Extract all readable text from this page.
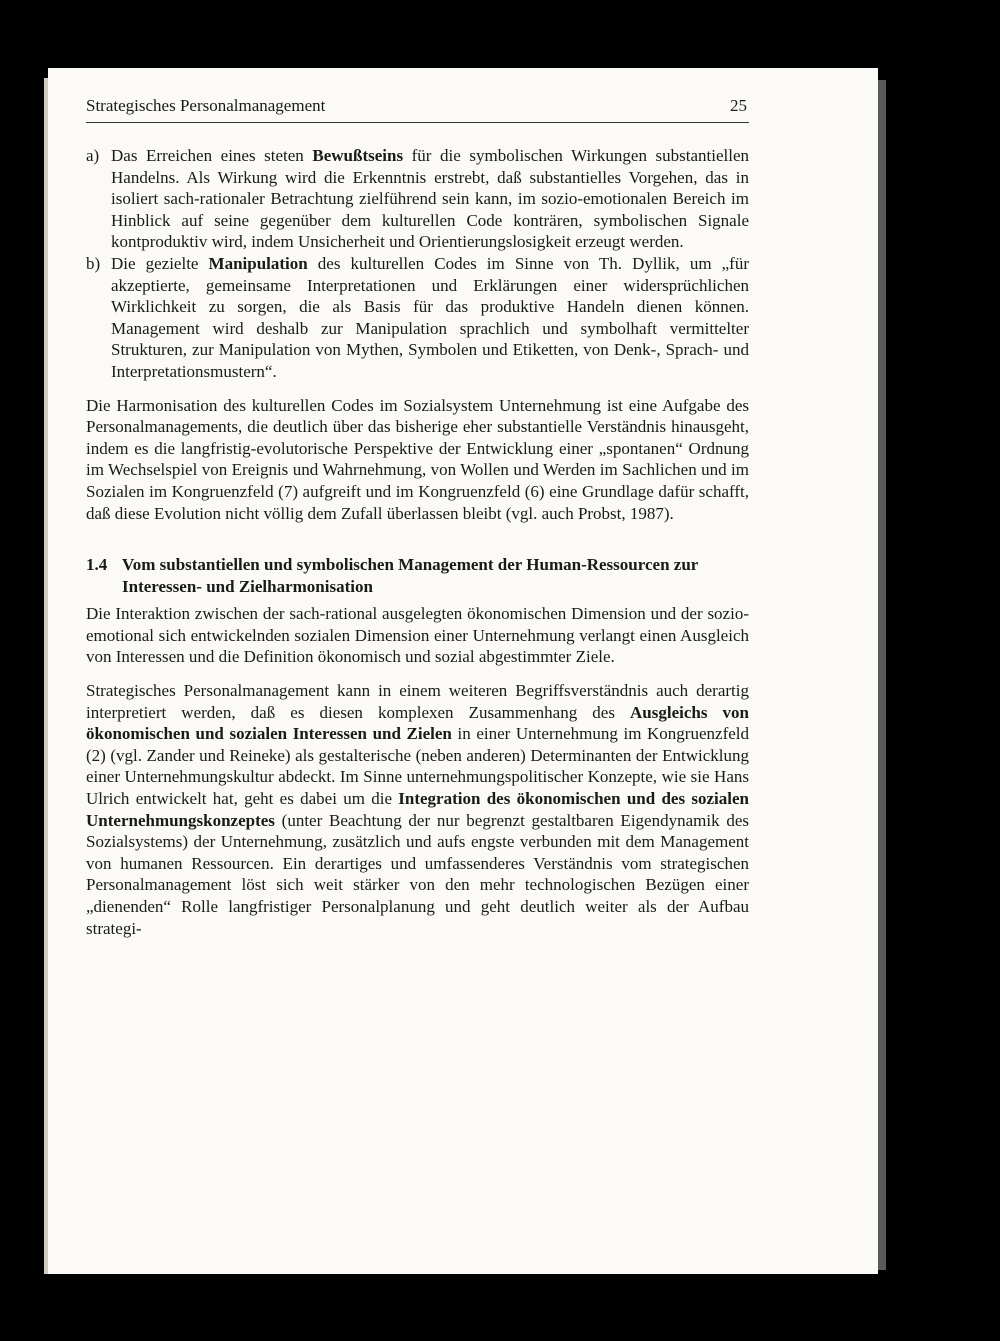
Strategisches Personalmanagement	25
a) Das Erreichen eines steten Bewußtseins für die symbolischen Wirkungen substantiellen Handelns. Als Wirkung wird die Erkenntnis erstrebt, daß substantielles Vorgehen, das in isoliert sach-rationaler Betrachtung zielführend sein kann, im sozio-emotionalen Bereich im Hinblick auf seine gegenüber dem kulturellen Code konträren, symbolischen Signale kontproduktiv wird, indem Unsicherheit und Orientierungslosigkeit erzeugt werden.
b) Die gezielte Manipulation des kulturellen Codes im Sinne von Th. Dyllik, um „für akzeptierte, gemeinsame Interpretationen und Erklärungen einer widersprüchlichen Wirklichkeit zu sorgen, die als Basis für das produktive Handeln dienen können. Management wird deshalb zur Manipulation sprachlich und symbolhaft vermittelter Strukturen, zur Manipulation von Mythen, Symbolen und Etiketten, von Denk-, Sprach- und Interpretationsmustern“.

Die Harmonisation des kulturellen Codes im Sozialsystem Unternehmung ist eine Aufgabe des Personalmanagements, die deutlich über das bisherige eher substantielle Verständnis hinausgeht, indem es die langfristig-evolutorische Perspektive der Entwicklung einer „spontanen“ Ordnung im Wechselspiel von Ereignis und Wahrnehmung, von Wollen und Werden im Sachlichen und im Sozialen im Kongruenzfeld (7) aufgreift und im Kongruenzfeld (6) eine Grundlage dafür schafft, daß diese Evolution nicht völlig dem Zufall überlassen bleibt (vgl. auch Probst, 1987).

1.4 Vom substantiellen und symbolischen Management der Human-Ressourcen zur Interessen- und Zielharmonisation

Die Interaktion zwischen der sach-rational ausgelegten ökonomischen Dimension und der sozio-emotional sich entwickelnden sozialen Dimension einer Unternehmung verlangt einen Ausgleich von Interessen und die Definition ökonomisch und sozial abgestimmter Ziele.

Strategisches Personalmanagement kann in einem weiteren Begriffsverständnis auch derartig interpretiert werden, daß es diesen komplexen Zusammenhang des Ausgleichs von ökonomischen und sozialen Interessen und Zielen in einer Unternehmung im Kongruenzfeld (2) (vgl. Zander und Reineke) als gestalterische (neben anderen) Determinanten der Entwicklung einer Unternehmungskultur abdeckt. Im Sinne unternehmungspolitischer Konzepte, wie sie Hans Ulrich entwickelt hat, geht es dabei um die Integration des ökonomischen und des sozialen Unternehmungskonzeptes (unter Beachtung der nur begrenzt gestaltbaren Eigendynamik des Sozialsystems) der Unternehmung, zusätzlich und aufs engste verbunden mit dem Management von humanen Ressourcen. Ein derartiges und umfassenderes Verständnis vom strategischen Personalmanagement löst sich weit stärker von den mehr technologischen Bezügen einer „dienenden“ Rolle langfristiger Personalplanung und geht deutlich weiter als der Aufbau strategi-
